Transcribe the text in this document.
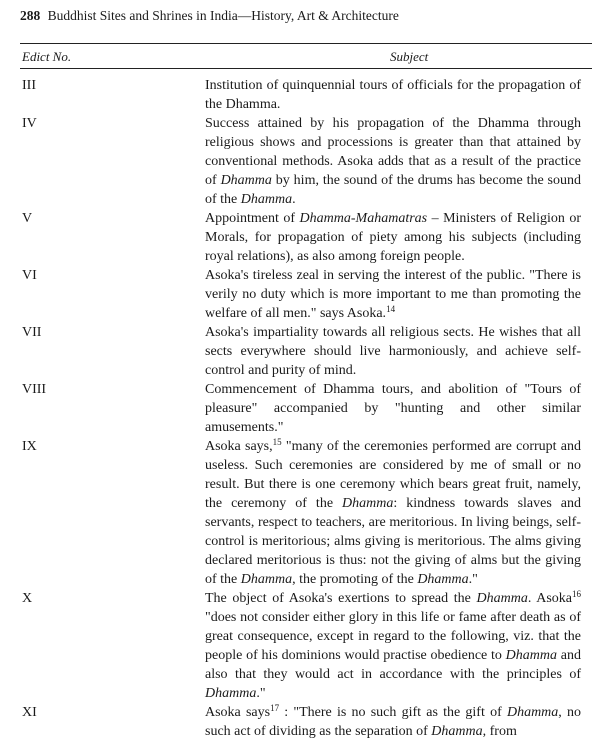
288 Buddhist Sites and Shrines in India—History, Art & Architecture
Edict No.	Subject
III	Institution of quinquennial tours of officials for the propagation of the Dhamma.
IV	Success attained by his propagation of the Dhamma through religious shows and processions is greater than that attained by conventional methods. Asoka adds that as a result of the practice of Dhamma by him, the sound of the drums has become the sound of the Dhamma.
V	Appointment of Dhamma-Mahamatras – Ministers of Religion or Morals, for propagation of piety among his subjects (including royal relations), as also among foreign people.
VI	Asoka's tireless zeal in serving the interest of the public. "There is verily no duty which is more important to me than promoting the welfare of all men." says Asoka.$^{14}$
VII	Asoka's impartiality towards all religious sects. He wishes that all sects everywhere should live harmoniously, and achieve self-control and purity of mind.
VIII	Commencement of Dhamma tours, and abolition of "Tours of pleasure" accompanied by "hunting and other similar amusements."
IX	Asoka says,$^{15}$ "many of the ceremonies performed are corrupt and useless. Such ceremonies are considered by me of small or no result. But there is one ceremony which bears great fruit, namely, the ceremony of the Dhamma: kindness towards slaves and servants, respect to teachers, are meritorious. In living beings, self-control is meritorious; alms giving is meritorious. The alms giving declared meritorious is thus: not the giving of alms but the giving of the Dhamma, the promoting of the Dhamma."
X	The object of Asoka's exertions to spread the Dhamma. Asoka$^{16}$ "does not consider either glory in this life or fame after death as of great consequence, except in regard to the following, viz. that the people of his dominions would practise obedience to Dhamma and also that they would act in accordance with the principles of Dhamma."
XI	Asoka says$^{17}$ : "There is no such gift as the gift of Dhamma, no such act of dividing as the separation of Dhamma, from
